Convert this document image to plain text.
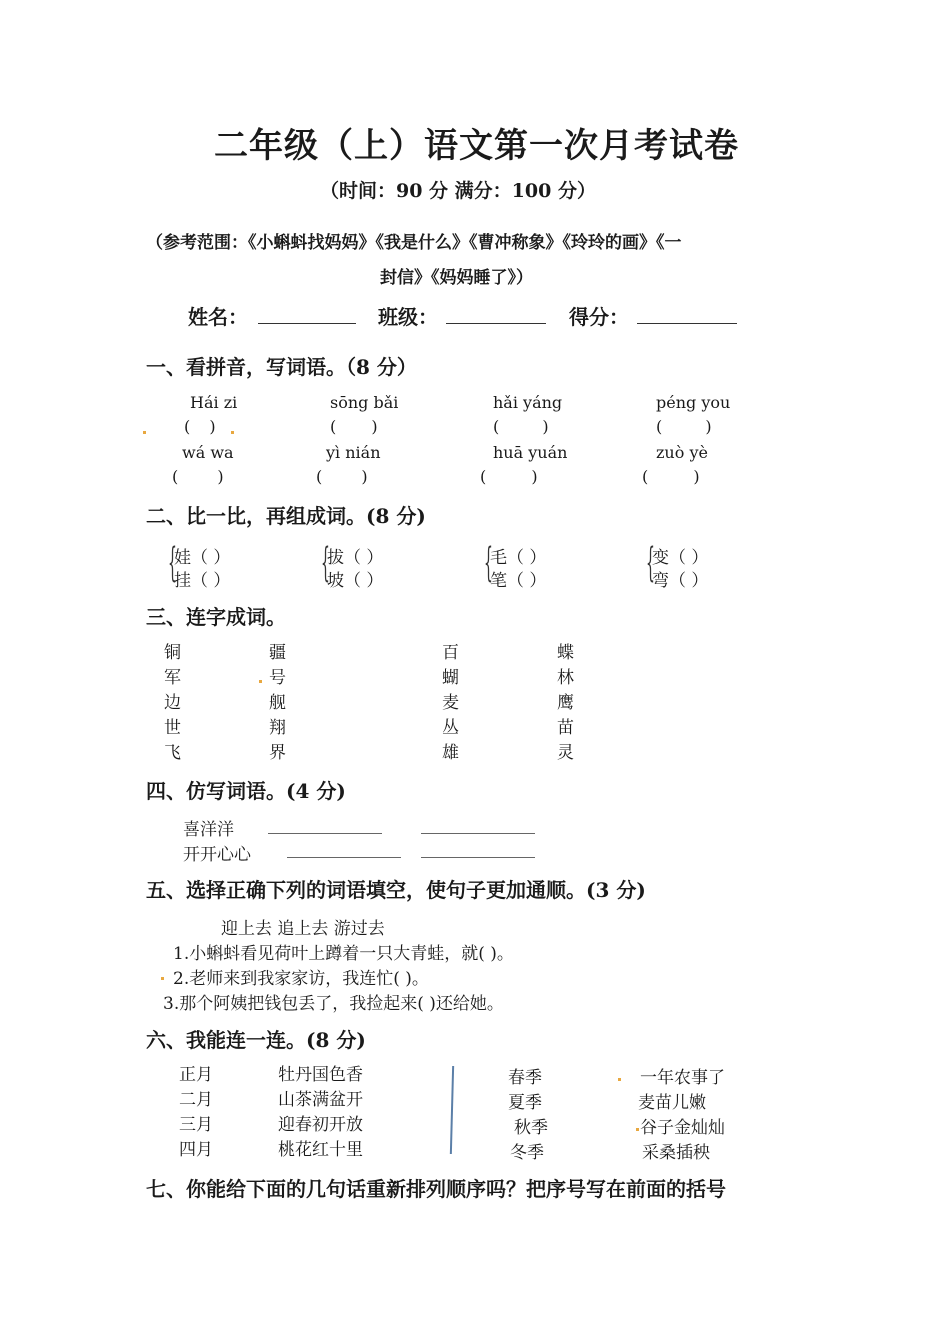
二年级（上）语文第一次月考试卷
（时间：90 分 满分：100 分）
（参考范围：《小蝌蚪找妈妈》《我是什么》《曹冲称象》《玲玲的画》《一
封信》《妈妈睡了》）
姓名：	班级：	得分：
一、看拼音，写词语。（8 分）
Hái zi	sōng bǎi	hǎi yáng	péng you
( )	( )	( )	( )
wá wa	yì nián	huā yuán	zuò yè
( )	( )	( )	( )
二、比一比，再组成词。(8 分)
{
娃（ ）
挂（ ） {
拔（ ）
坡（ ）	{
毛（ ）
笔（ ） {
变（ ）
弯（ ）
三、连字成词。
铜
军
边
世
飞
疆
号
舰
翔
界
百
蝴
麦
丛
雄
蝶
林
鹰
苗
灵
四、仿写词语。(4 分)
喜洋洋
开开心心
五、选择正确下列的词语填空，使句子更加通顺。(3 分)
迎上去 追上去 游过去
1.小蝌蚪看见荷叶上蹲着一只大青蛙，就( )。
2.老师来到我家家访，我连忙( )。
3.那个阿姨把钱包丢了，我捡起来( )还给她。
六、我能连一连。(8 分)
正月
二月
三月
四月
牡丹国色香
山茶满盆开
迎春初开放
桃花红十里
春季
夏季
秋季
冬季
一年农事了
麦苗儿嫩
谷子金灿灿
采桑插秧
七、你能给下面的几句话重新排列顺序吗？把序号写在前面的括号
